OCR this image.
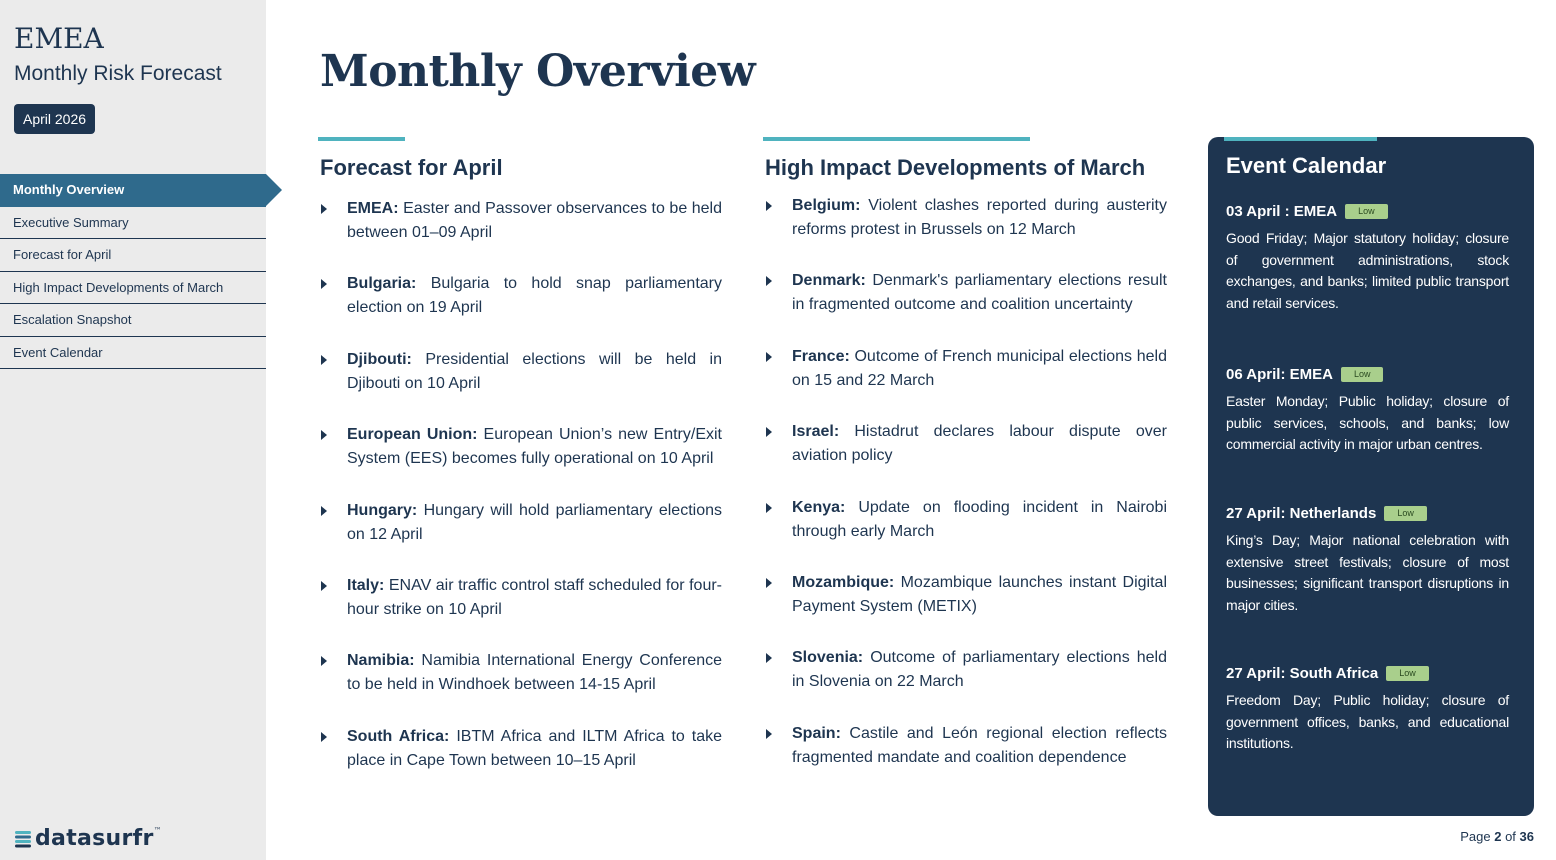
EMEA
Monthly Risk Forecast
April 2026
Monthly Overview
Executive Summary
Forecast for April
High Impact Developments of March
Escalation Snapshot
Event Calendar
datasurfr™
Monthly Overview
Forecast for April
EMEA: Easter and Passover observances to be held between 01–09 April
Bulgaria: Bulgaria to hold snap parliamentary election on 19 April
Djibouti: Presidential elections will be held in Djibouti on 10 April
European Union: European Union’s new Entry/Exit System (EES) becomes fully operational on 10 April
Hungary: Hungary will hold parliamentary elections on 12 April
Italy: ENAV air traffic control staff scheduled for four-hour strike on 10 April
Namibia: Namibia International Energy Conference to be held in Windhoek between 14-15 April
South Africa: IBTM Africa and ILTM Africa to take place in Cape Town between 10–15 April
High Impact Developments of March
Belgium: Violent clashes reported during austerity reforms protest in Brussels on 12 March
Denmark: Denmark's parliamentary elections result in fragmented outcome and coalition uncertainty
France: Outcome of French municipal elections held on 15 and 22 March
Israel: Histadrut declares labour dispute over aviation policy
Kenya: Update on flooding incident in Nairobi through early March
Mozambique: Mozambique launches instant Digital Payment System (METIX)
Slovenia: Outcome of parliamentary elections held in Slovenia on 22 March
Spain: Castile and León regional election reflects fragmented mandate and coalition dependence
Event Calendar
03 April : EMEA	Low
Good Friday; Major statutory holiday; closure of government administrations, stock exchanges, and banks; limited public transport and retail services.
06 April: EMEA	Low
Easter Monday; Public holiday; closure of public services, schools, and banks; low commercial activity in major urban centres.
27 April: Netherlands	Low
King’s Day; Major national celebration with extensive street festivals; closure of most businesses; significant transport disruptions in major cities.
27 April: South Africa	Low
Freedom Day; Public holiday; closure of government offices, banks, and educational institutions.
Page 2 of 36
